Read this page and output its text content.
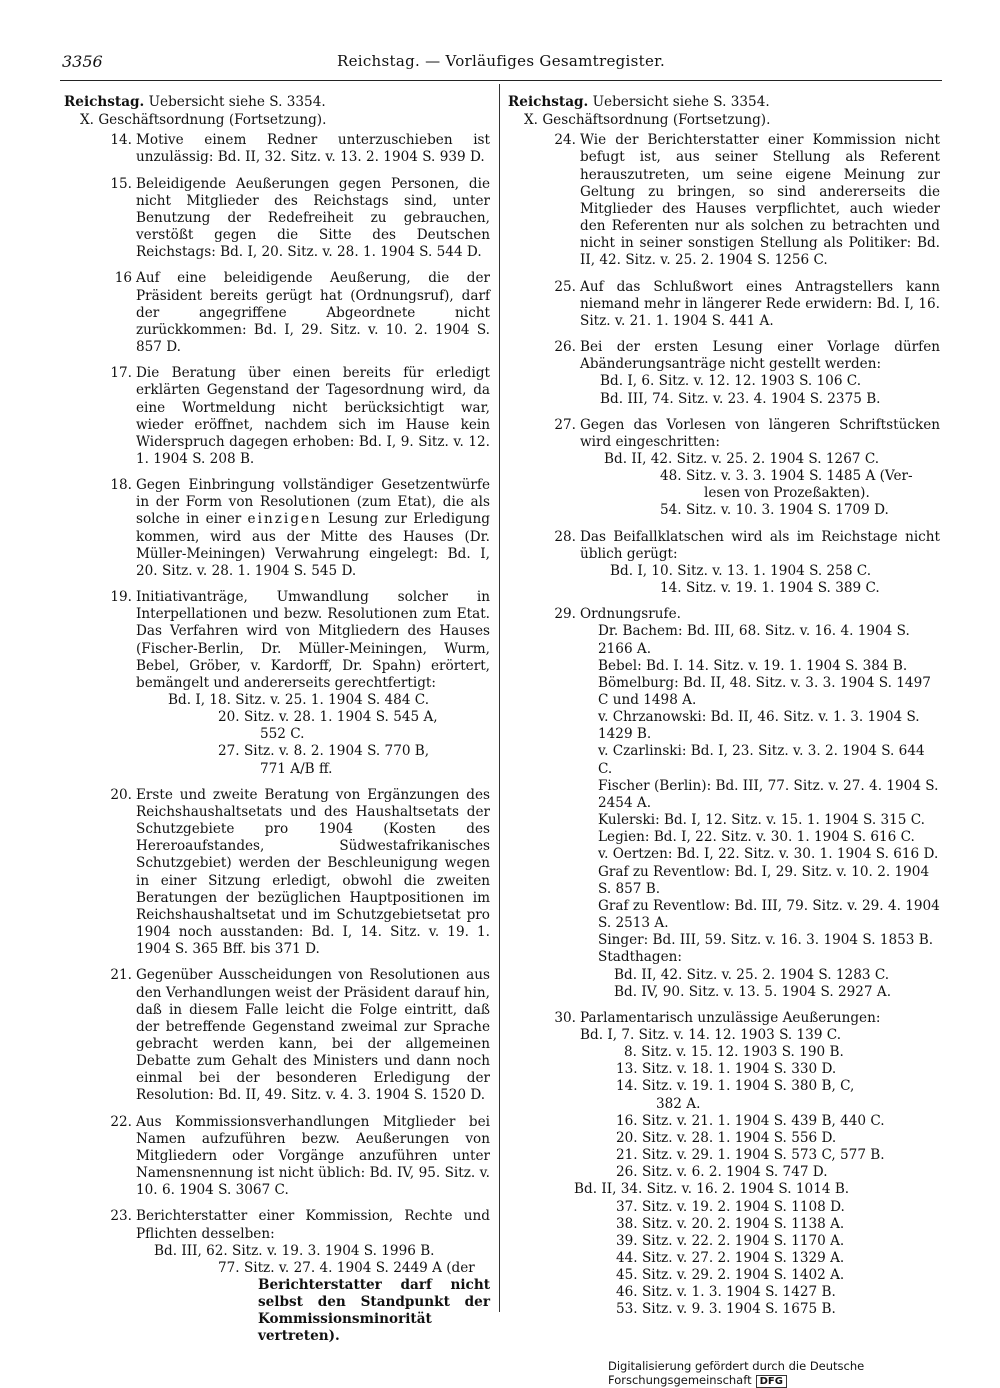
3356	Reichstag. — Vorläufiges Gesamtregister.
Reichstag. Uebersicht siehe S. 3354.
X. Geschäftsordnung (Fortsetzung).
14. Motive einem Redner unterzuschieben ist unzulässig: Bd. II, 32. Sitz. v. 13. 2. 1904 S. 939 D.
15. Beleidigende Aeußerungen gegen Personen, die nicht Mitglieder des Reichstags sind, unter Benutzung der Redefreiheit zu gebrauchen, verstößt gegen die Sitte des Deutschen Reichstags: Bd. I, 20. Sitz. v. 28. 1. 1904 S. 544 D.
16 Auf eine beleidigende Aeußerung, die der Präsident bereits gerügt hat (Ordnungsruf), darf der angegriffene Abgeordnete nicht zurückkommen: Bd. I, 29. Sitz. v. 10. 2. 1904 S. 857 D.
17. Die Beratung über einen bereits für erledigt erklärten Gegenstand der Tagesordnung wird, da eine Wortmeldung nicht berücksichtigt war, wieder eröffnet, nachdem sich im Hause kein Widerspruch dagegen erhoben: Bd. I, 9. Sitz. v. 12. 1. 1904 S. 208 B.
18. Gegen Einbringung vollständiger Gesetzentwürfe in der Form von Resolutionen (zum Etat), die als solche in einer einzigen Lesung zur Erledigung kommen, wird aus der Mitte des Hauses (Dr. Müller-Meiningen) Verwahrung eingelegt: Bd. I, 20. Sitz. v. 28. 1. 1904 S. 545 D.
19. Initiativanträge, Umwandlung solcher in Interpellationen und bezw. Resolutionen zum Etat. Das Verfahren wird von Mitgliedern des Hauses (Fischer-Berlin, Dr. Müller-Meiningen, Wurm, Bebel, Gröber, v. Kardorff, Dr. Spahn) erörtert, bemängelt und andererseits gerechtfertigt:
Bd. I, 18. Sitz. v. 25. 1. 1904 S. 484 C.
20. Sitz. v. 28. 1. 1904 S. 545 A,
552 C.
27. Sitz. v. 8. 2. 1904 S. 770 B,
771 A/B ff.
20. Erste und zweite Beratung von Ergänzungen des Reichshaushaltsetats und des Haushaltsetats der Schutzgebiete pro 1904 (Kosten des Hereroaufstandes, Südwestafrikanisches Schutzgebiet) werden der Beschleunigung wegen in einer Sitzung erledigt, obwohl die zweiten Beratungen der bezüglichen Hauptpositionen im Reichshaushaltsetat und im Schutzgebietsetat pro 1904 noch ausstanden: Bd. I, 14. Sitz. v. 19. 1. 1904 S. 365 Bff. bis 371 D.
21. Gegenüber Ausscheidungen von Resolutionen aus den Verhandlungen weist der Präsident darauf hin, daß in diesem Falle leicht die Folge eintritt, daß der betreffende Gegenstand zweimal zur Sprache gebracht werden kann, bei der allgemeinen Debatte zum Gehalt des Ministers und dann noch einmal bei der besonderen Erledigung der Resolution: Bd. II, 49. Sitz. v. 4. 3. 1904 S. 1520 D.
22. Aus Kommissionsverhandlungen Mitglieder bei Namen aufzuführen bezw. Aeußerungen von Mitgliedern oder Vorgänge anzuführen unter Namensnennung ist nicht üblich: Bd. IV, 95. Sitz. v. 10. 6. 1904 S. 3067 C.
23. Berichterstatter einer Kommission, Rechte und Pflichten desselben:
Bd. III, 62. Sitz. v. 19. 3. 1904 S. 1996 B.
77. Sitz. v. 27. 4. 1904 S. 2449 A (der
Berichterstatter darf nicht selbst den Standpunkt der Kommissionsminorität vertreten).
Reichstag. Uebersicht siehe S. 3354.
X. Geschäftsordnung (Fortsetzung).
24. Wie der Berichterstatter einer Kommission nicht befugt ist, aus seiner Stellung als Referent herauszutreten, um seine eigene Meinung zur Geltung zu bringen, so sind andererseits die Mitglieder des Hauses verpflichtet, auch wieder den Referenten nur als solchen zu betrachten und nicht in seiner sonstigen Stellung als Politiker: Bd. II, 42. Sitz. v. 25. 2. 1904 S. 1256 C.
25. Auf das Schlußwort eines Antragstellers kann niemand mehr in längerer Rede erwidern: Bd. I, 16. Sitz. v. 21. 1. 1904 S. 441 A.
26. Bei der ersten Lesung einer Vorlage dürfen Abänderungsanträge nicht gestellt werden:
Bd. I, 6. Sitz. v. 12. 12. 1903 S. 106 C.
Bd. III, 74. Sitz. v. 23. 4. 1904 S. 2375 B.
27. Gegen das Vorlesen von längeren Schriftstücken wird eingeschritten:
Bd. II, 42. Sitz. v. 25. 2. 1904 S. 1267 C.
48. Sitz. v. 3. 3. 1904 S. 1485 A (Ver-
lesen von Prozeßakten).
54. Sitz. v. 10. 3. 1904 S. 1709 D.
28. Das Beifallklatschen wird als im Reichstage nicht üblich gerügt:
Bd. I, 10. Sitz. v. 13. 1. 1904 S. 258 C.
14. Sitz. v. 19. 1. 1904 S. 389 C.
29. Ordnungsrufe.
Dr. Bachem: Bd. III, 68. Sitz. v. 16. 4. 1904 S. 2166 A.
Bebel: Bd. I. 14. Sitz. v. 19. 1. 1904 S. 384 B.
Bömelburg: Bd. II, 48. Sitz. v. 3. 3. 1904 S. 1497 C und 1498 A.
v. Chrzanowski: Bd. II, 46. Sitz. v. 1. 3. 1904 S. 1429 B.
v. Czarlinski: Bd. I, 23. Sitz. v. 3. 2. 1904 S. 644 C.
Fischer (Berlin): Bd. III, 77. Sitz. v. 27. 4. 1904 S. 2454 A.
Kulerski: Bd. I, 12. Sitz. v. 15. 1. 1904 S. 315 C.
Legien: Bd. I, 22. Sitz. v. 30. 1. 1904 S. 616 C.
v. Oertzen: Bd. I, 22. Sitz. v. 30. 1. 1904 S. 616 D.
Graf zu Reventlow: Bd. I, 29. Sitz. v. 10. 2. 1904 S. 857 B.
Graf zu Reventlow: Bd. III, 79. Sitz. v. 29. 4. 1904 S. 2513 A.
Singer: Bd. III, 59. Sitz. v. 16. 3. 1904 S. 1853 B.
Stadthagen:
Bd. II, 42. Sitz. v. 25. 2. 1904 S. 1283 C.
Bd. IV, 90. Sitz. v. 13. 5. 1904 S. 2927 A.
30. Parlamentarisch unzulässige Aeußerungen:
Bd. I, 7. Sitz. v. 14. 12. 1903 S. 139 C.
8. Sitz. v. 15. 12. 1903 S. 190 B.
13. Sitz. v. 18. 1. 1904 S. 330 D.
14. Sitz. v. 19. 1. 1904 S. 380 B, C,
382 A.
16. Sitz. v. 21. 1. 1904 S. 439 B, 440 C.
20. Sitz. v. 28. 1. 1904 S. 556 D.
21. Sitz. v. 29. 1. 1904 S. 573 C, 577 B.
26. Sitz. v. 6. 2. 1904 S. 747 D.
Bd. II, 34. Sitz. v. 16. 2. 1904 S. 1014 B.
37. Sitz. v. 19. 2. 1904 S. 1108 D.
38. Sitz. v. 20. 2. 1904 S. 1138 A.
39. Sitz. v. 22. 2. 1904 S. 1170 A.
44. Sitz. v. 27. 2. 1904 S. 1329 A.
45. Sitz. v. 29. 2. 1904 S. 1402 A.
46. Sitz. v. 1. 3. 1904 S. 1427 B.
53. Sitz. v. 9. 3. 1904 S. 1675 B.
Digitalisierung gefördert durch die Deutsche Forschungsgemeinschaft DFG
